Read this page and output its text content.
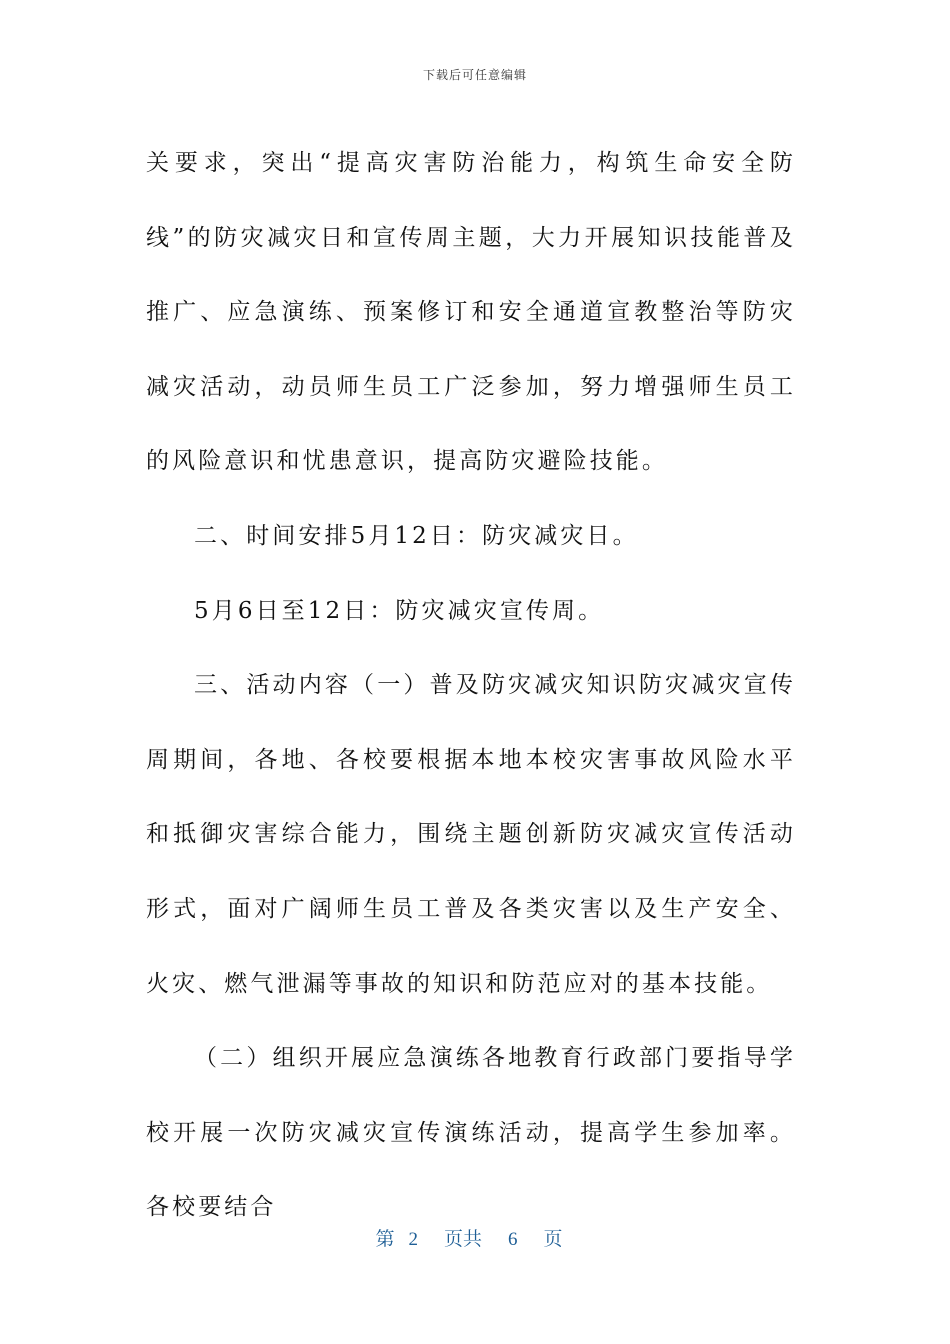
下载后可任意编辑

关要求，突出“提高灾害防治能力，构筑生命安全防线”的防灾减灾日和宣传周主题，大力开展知识技能普及推广、应急演练、预案修订和安全通道宣教整治等防灾减灾活动，动员师生员工广泛参加，努力增强师生员工的风险意识和忧患意识，提高防灾避险技能。

二、时间安排5月12日：防灾减灾日。

5月6日至12日：防灾减灾宣传周。

三、活动内容（一）普及防灾减灾知识防灾减灾宣传周期间，各地、各校要根据本地本校灾害事故风险水平和抵御灾害综合能力，围绕主题创新防灾减灾宣传活动形式，面对广阔师生员工普及各类灾害以及生产安全、火灾、燃气泄漏等事故的知识和防范应对的基本技能。

（二）组织开展应急演练各地教育行政部门要指导学校开展一次防灾减灾宣传演练活动，提高学生参加率。各校要结合

第 2 页共 6 页
